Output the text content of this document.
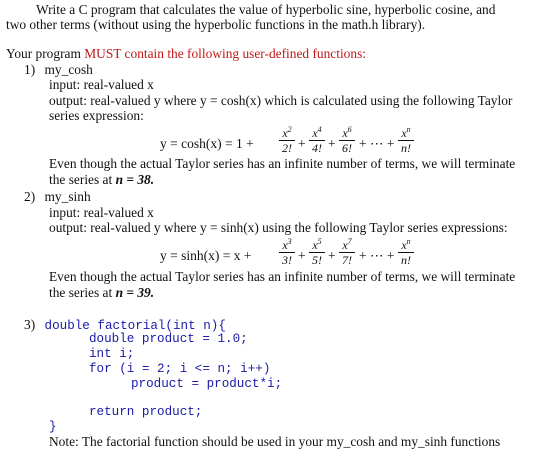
Write a C program that calculates the value of hyperbolic sine, hyperbolic cosine, and
two other terms (without using the hyperbolic functions in the math.h library).
Your program MUST contain the following user-defined functions:
1) my_cosh
input: real-valued x
output: real-valued y where y = cosh(x) which is calculated using the following Taylor
series expression:
$y = \cosh(x) = 1 + \frac{x^2}{2!} + \frac{x^4}{4!} + \frac{x^6}{6!}$ + ⋯ + $\frac{x^n}{n!}$
Even though the actual Taylor series has an infinite number of terms, we will terminate
the series at n = 38.
2) my_sinh
input: real-valued x
output: real-valued y where y = sinh(x) using the following Taylor series expressions:
$y = \sinh(x) = x + \frac{x^3}{3!} + \frac{x^5}{5!} + \frac{x^7}{7!}$ + ⋯ + $\frac{x^n}{n!}$
Even though the actual Taylor series has an infinite number of terms, we will terminate
the series at n = 39.
3) double factorial(int n){
double product = 1.0;
int i;
for (i = 2; i <= n; i++)
product = product*i;
return product;
}
Note: The factorial function should be used in your my_cosh and my_sinh functions
